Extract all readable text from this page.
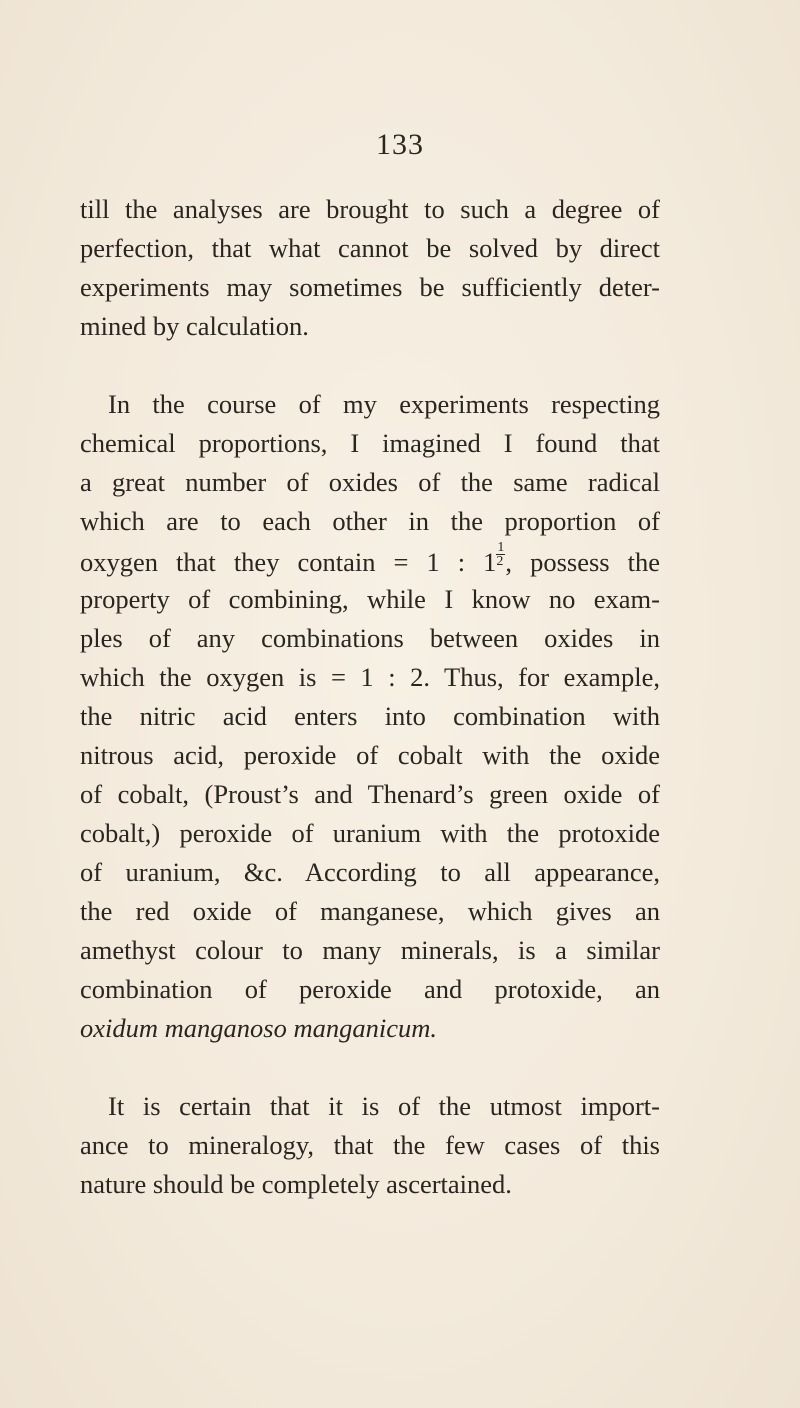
133
till the analyses are brought to such a degree of
perfection, that what cannot be solved by direct
experiments may sometimes be sufficiently deter-
mined by calculation.
In the course of my experiments respecting
chemical proportions, I imagined I found that
a great number of oxides of the same radical
which are to each other in the proportion of
oxygen that they contain = 1 : $1 \frac{1}{2}$ , possess the
property of combining, while I know no exam-
ples of any combinations between oxides in
which the oxygen is = 1 : 2. Thus, for example,
the nitric acid enters into combination with
nitrous acid, peroxide of cobalt with the oxide
of cobalt, (Proust’s and Thenard’s green oxide of
cobalt,) peroxide of uranium with the protoxide
of uranium, &c. According to all appearance,
the red oxide of manganese, which gives an
amethyst colour to many minerals, is a similar
combination of peroxide and protoxide, an
oxidum manganoso manganicum.
It is certain that it is of the utmost import-
ance to mineralogy, that the few cases of this
nature should be completely ascertained.
